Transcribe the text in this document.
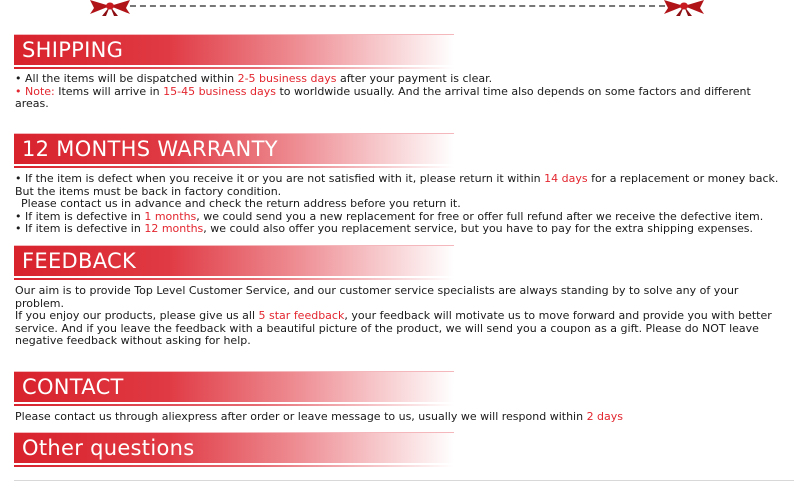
SHIPPING

• All the items will be dispatched within 2-5 business days after your payment is clear.

• Note: Items will arrive in 15-45 business days to worldwide usually. And the arrival time also depends on some factors and different areas.

12 MONTHS WARRANTY

• If the item is defect when you receive it or you are not satisfied with it, please return it within 14 days for a replacement or money back. But the items must be back in factory condition.

Please contact us in advance and check the return address before you return it.

• If item is defective in 1 months, we could send you a new replacement for free or offer full refund after we receive the defective item.

• If item is defective in 12 months, we could also offer you replacement service, but you have to pay for the extra shipping expenses.

FEEDBACK

Our aim is to provide Top Level Customer Service, and our customer service specialists are always standing by to solve any of your problem.

If you enjoy our products, please give us all 5 star feedback, your feedback will motivate us to move forward and provide you with better service. And if you leave the feedback with a beautiful picture of the product, we will send you a coupon as a gift. Please do NOT leave negative feedback without asking for help.

CONTACT

Please contact us through aliexpress after order or leave message to us, usually we will respond within 2 days

Other questions
